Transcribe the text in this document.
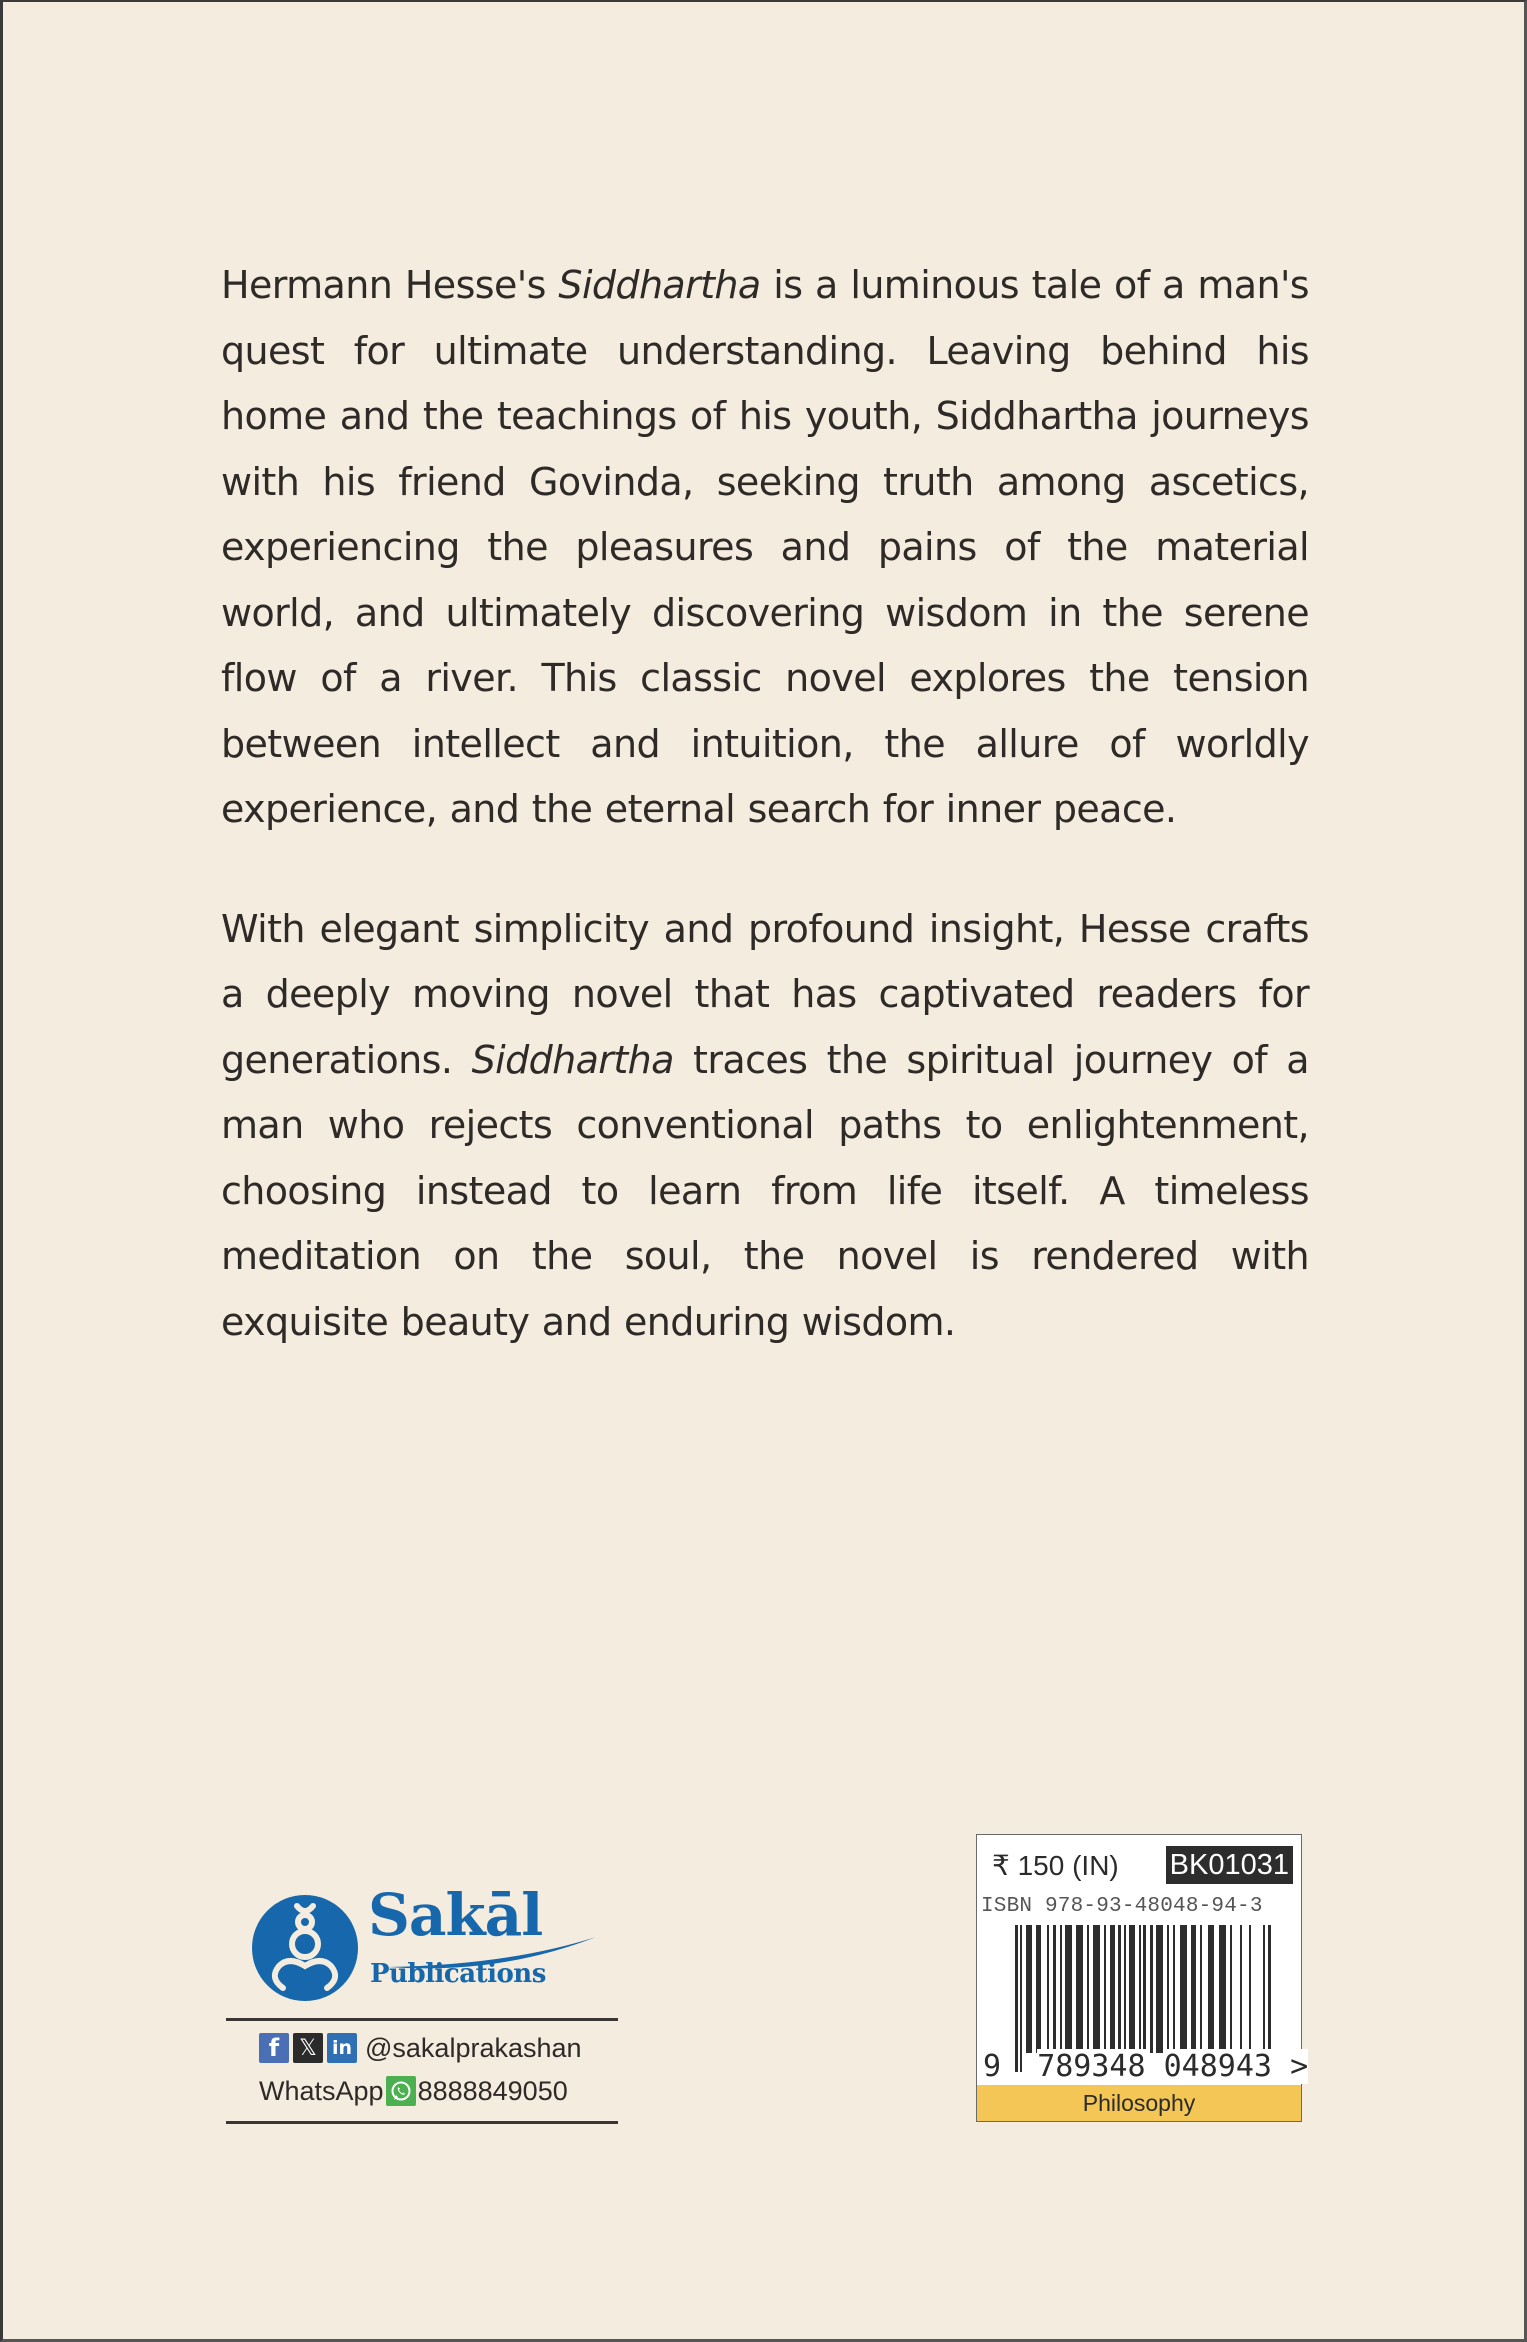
Hermann Hesse's Siddhartha is a luminous tale of a man's quest for ultimate understanding. Leaving behind his home and the teachings of his youth, Siddhartha journeys with his friend Govinda, seeking truth among ascetics, experiencing the pleasures and pains of the material world, and ultimately discovering wisdom in the serene flow of a river. This classic novel explores the tension between intellect and intuition, the allure of worldly experience, and the eternal search for inner peace.

With elegant simplicity and profound insight, Hesse crafts a deeply moving novel that has captivated readers for generations. Siddhartha traces the spiritual journey of a man who rejects conventional paths to enlightenment, choosing instead to learn from life itself. A timeless meditation on the soul, the novel is rendered with exquisite beauty and enduring wisdom.

Sakāl
Publications
f 𝕏 in @sakalprakashan
WhatsApp 8888849050
₹ 150 (IN) BK01031
ISBN 978-93-48048-94-3
9 789348 048943 >
Philosophy
